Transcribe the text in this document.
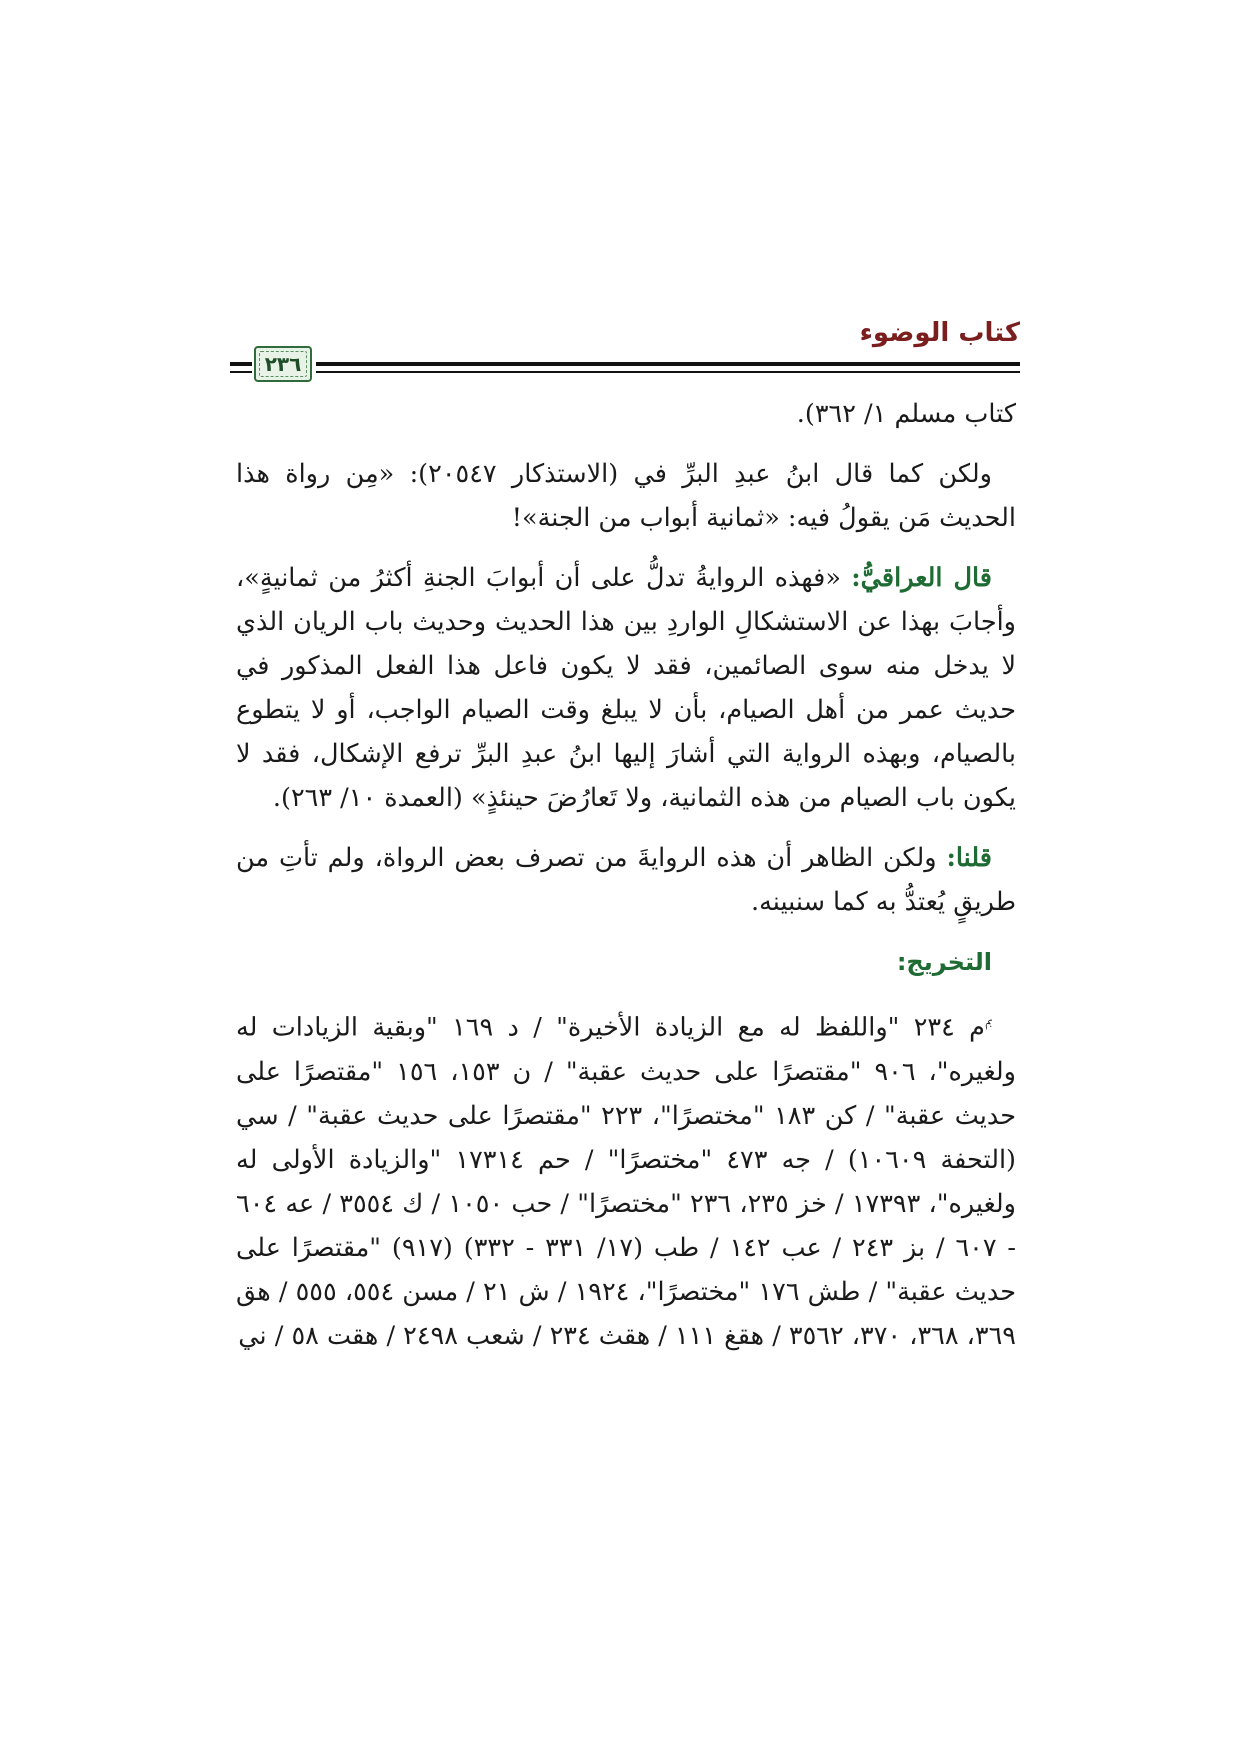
كتاب الوضوء
٢٣٦

كتاب مسلم ١/ ٣٦٢).

ولكن كما قال ابنُ عبدِ البرِّ في (الاستذكار ٢٠٥٤٧): «مِن رواة هذا الحديث مَن يقولُ فيه: «ثمانية أبواب من الجنة»!

قال العراقيُّ: «فهذه الروايةُ تدلُّ على أن أبوابَ الجنةِ أكثرُ من ثمانيةٍ»، وأجابَ بهذا عن الاستشكالِ الواردِ بين هذا الحديث وحديث باب الريان الذي لا يدخل منه سوى الصائمين، فقد لا يكون فاعل هذا الفعل المذكور في حديث عمر من أهل الصيام، بأن لا يبلغ وقت الصيام الواجب، أو لا يتطوع بالصيام، وبهذه الرواية التي أشارَ إليها ابنُ عبدِ البرِّ ترفع الإشكال، فقد لا يكون باب الصيام من هذه الثمانية، ولا تَعارُضَ حينئذٍ» (العمدة ١٠/ ٢٦٣).

قلنا: ولكن الظاهر أن هذه الروايةَ من تصرف بعض الرواة، ولم تأتِ من طريقٍ يُعتدُّ به كما سنبينه.

التخريج:

$^ﰈ$م ٢٣٤ "واللفظ له مع الزيادة الأخيرة" / د ١٦٩ "وبقية الزيادات له ولغيره"، ٩٠٦ "مقتصرًا على حديث عقبة" / ن ١٥٣، ١٥٦ "مقتصرًا على حديث عقبة" / كن ١٨٣ "مختصرًا"، ٢٢٣ "مقتصرًا على حديث عقبة" / سي (التحفة ١٠٦٠٩) / جه ٤٧٣ "مختصرًا" / حم ١٧٣١٤ "والزيادة الأولى له ولغيره"، ١٧٣٩٣ / خز ٢٣٥، ٢٣٦ "مختصرًا" / حب ١٠٥٠ / ك ٣٥٥٤ / عه ٦٠٤ - ٦٠٧ / بز ٢٤٣ / عب ١٤٢ / طب (١٧/ ٣٣١ - ٣٣٢) (٩١٧) "مقتصرًا على حديث عقبة" / طش ١٧٦ "مختصرًا"، ١٩٢٤ / ش ٢١ / مسن ٥٥٤، ٥٥٥ / هق ٣٦٩، ٣٦٨، ٣٧٠، ٣٥٦٢ / هقغ ١١١ / هقث ٢٣٤ / شعب ٢٤٩٨ / هقت ٥٨ / ني
